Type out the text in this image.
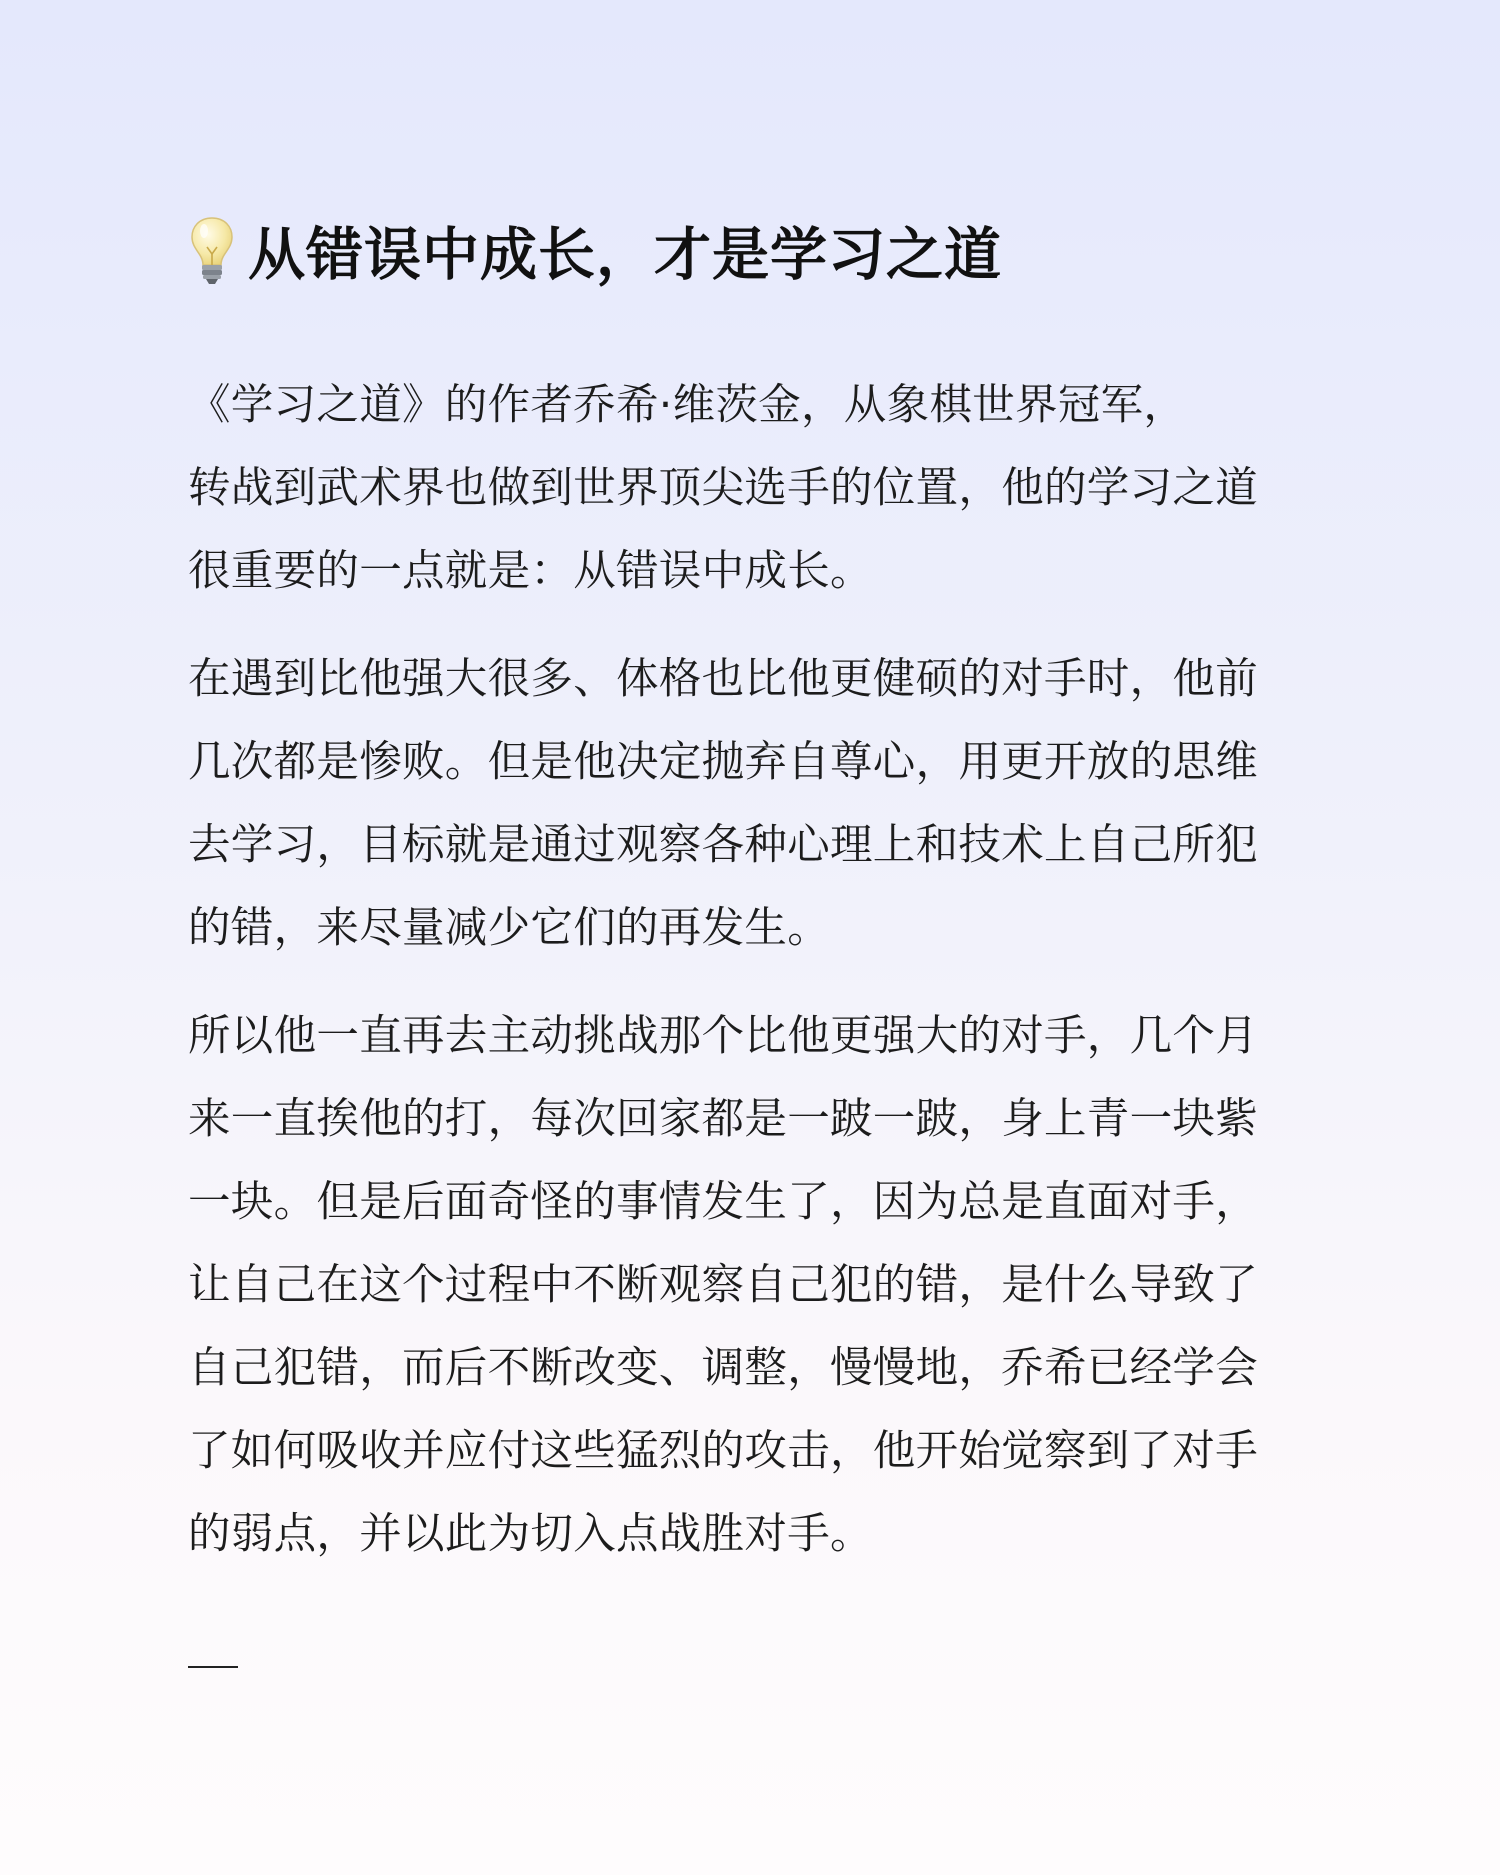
从错误中成长，才是学习之道

《学习之道》的作者乔希·维茨金，从象棋世界冠军，
转战到武术界也做到世界顶尖选手的位置，他的学习之道
很重要的一点就是：从错误中成长。

在遇到比他强大很多、体格也比他更健硕的对手时，他前
几次都是惨败。但是他决定抛弃自尊心，用更开放的思维
去学习，目标就是通过观察各种心理上和技术上自己所犯
的错，来尽量减少它们的再发生。

所以他一直再去主动挑战那个比他更强大的对手，几个月
来一直挨他的打，每次回家都是一跛一跛，身上青一块紫
一块。但是后面奇怪的事情发生了，因为总是直面对手，
让自己在这个过程中不断观察自己犯的错，是什么导致了
自己犯错，而后不断改变、调整，慢慢地，乔希已经学会
了如何吸收并应付这些猛烈的攻击，他开始觉察到了对手
的弱点，并以此为切入点战胜对手。
